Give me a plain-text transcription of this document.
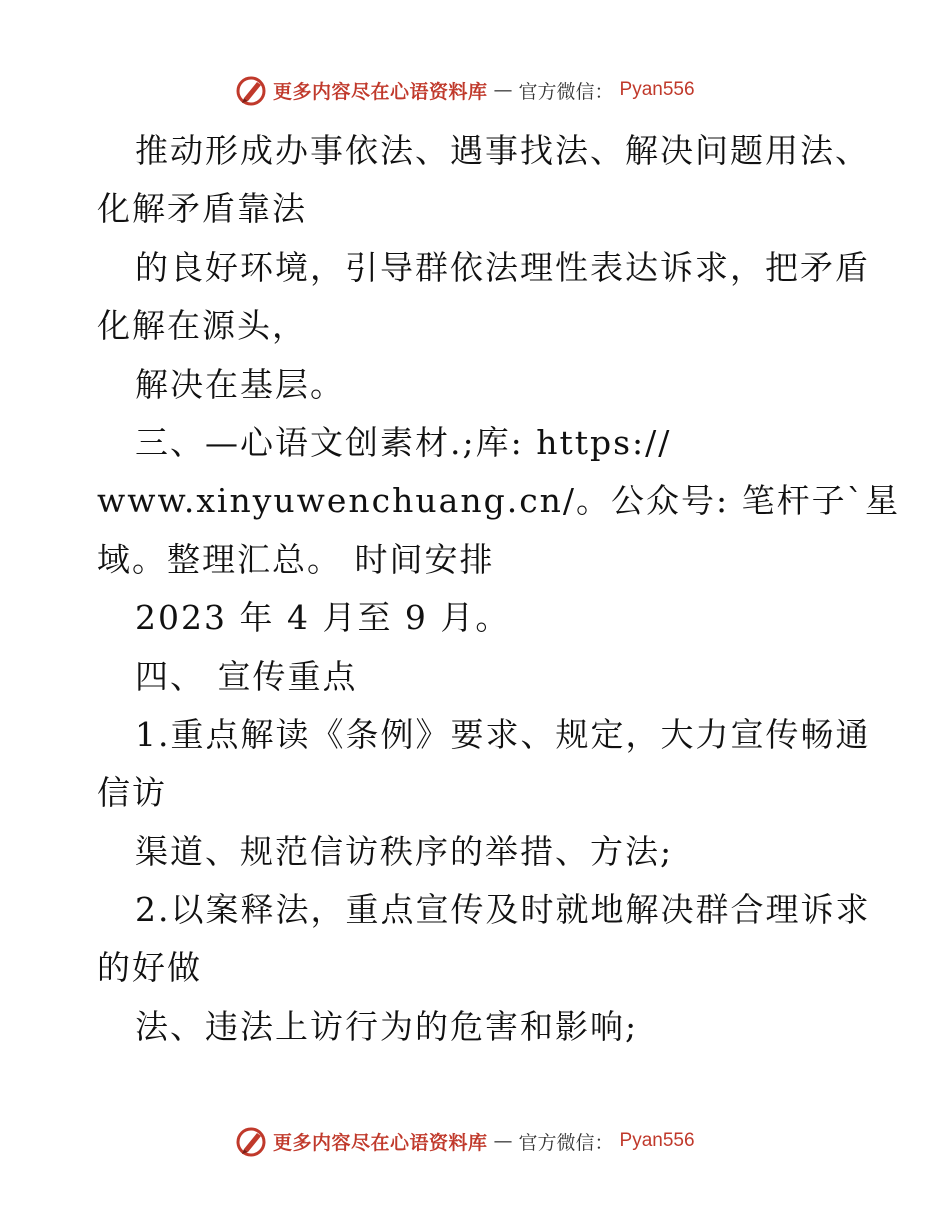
更多内容尽在心语资料库 — 官方微信： Pyan556
推动形成办事依法、遇事找法、解决问题用法、
化解矛盾靠法
的良好环境，引导群依法理性表达诉求，把矛盾
化解在源头，
解决在基层。
三、—心语文创素材.;库: https://
www.xinyuwenchuang.cn/。公众号: 笔杆子`星
域。整理汇总。 时间安排
2023 年 4 月至 9 月。
四、 宣传重点
1.重点解读《条例》要求、规定，大力宣传畅通
信访
渠道、规范信访秩序的举措、方法;
2.以案释法，重点宣传及时就地解决群合理诉求
的好做
法、违法上访行为的危害和影响;
更多内容尽在心语资料库 — 官方微信： Pyan556
